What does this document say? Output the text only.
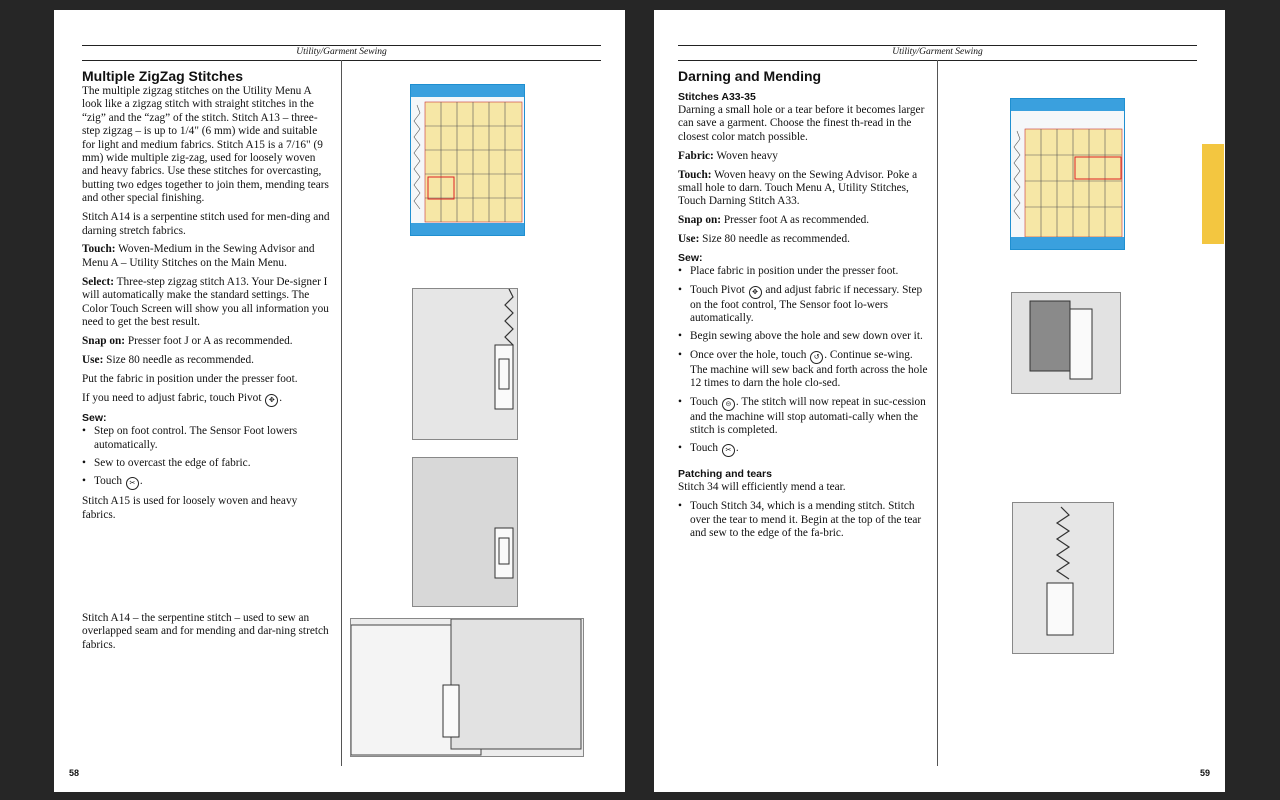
Utility/Garment Sewing
Multiple ZigZag Stitches

The multiple zigzag stitches on the Utility Menu A look like a zigzag stitch with straight stitches in the “zig” and the “zag” of the stitch. Stitch A13 – three-step zigzag – is up to 1/4" (6 mm) wide and suitable for light and medium fabrics. Stitch A15 is a 7/16" (9 mm) wide multiple zig-zag, used for loosely woven and heavy fabrics. Use these stitches for overcasting, butting two edges together to join them, mending tears and other special finishing.

Stitch A14 is a serpentine stitch used for men-ding and darning stretch fabrics.

Touch: Woven-Medium in the Sewing Advisor and Menu A – Utility Stitches on the Main Menu.

Select: Three-step zigzag stitch A13. Your De-signer I will automatically make the standard settings. The Color Touch Screen will show you all information you need to get the best result.

Snap on: Presser foot J or A as recommended.

Use: Size 80 needle as recommended.

Put the fabric in position under the presser foot.

If you need to adjust fabric, touch Pivot ✥ .

Sew:
• Step on foot control. The Sensor Foot lowers automatically.
• Sew to overcast the edge of fabric.
• Touch ✂ .

Stitch A15 is used for loosely woven and heavy fabrics.

Stitch A14 – the serpentine stitch – used to sew an overlapped seam and for mending and dar-ning stretch fabrics.

58
Utility/Garment Sewing
Darning and Mending
Stitches A33-35

Darning a small hole or a tear before it becomes larger can save a garment. Choose the finest th-read in the closest color match possible.

Fabric: Woven heavy

Touch: Woven heavy on the Sewing Advisor. Poke a small hole to darn. Touch Menu A, Utility Stitches, Touch Darning Stitch A33.

Snap on: Presser foot A as recommended.

Use: Size 80 needle as recommended.

Sew:
• Place fabric in position under the presser foot.
• Touch Pivot ✥ and adjust fabric if necessary. Step on the foot control, The Sensor foot lo-wers automatically.
• Begin sewing above the hole and sew down over it.
• Once over the hole, touch ↺ . Continue se-wing. The machine will sew back and forth across the hole 12 times to darn the hole clo-sed.
• Touch ⊝ . The stitch will now repeat in suc-cession and the machine will stop automati-cally when the stitch is completed.
• Touch ✂ .
Patching and tears

Stitch 34 will efficiently mend a tear.

• Touch Stitch 34, which is a mending stitch. Stitch over the tear to mend it. Begin at the top of the tear and sew to the edge of the fa-bric.
59
